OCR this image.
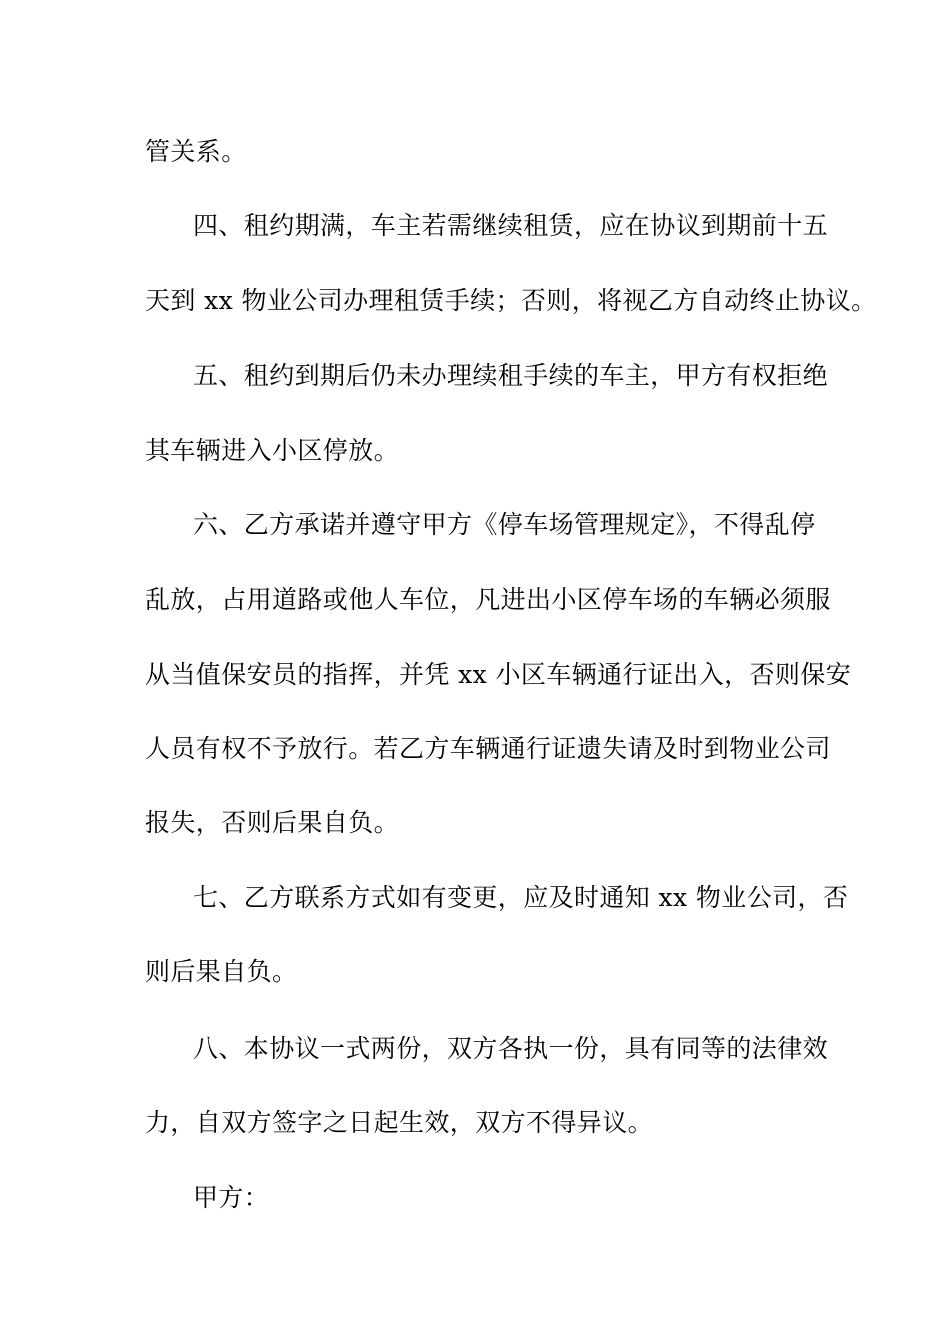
管关系。
四、租约期满，车主若需继续租赁，应在协议到期前十五
天到 xx 物业公司办理租赁手续；否则，将视乙方自动终止协议。
五、租约到期后仍未办理续租手续的车主，甲方有权拒绝
其车辆进入小区停放。
六、乙方承诺并遵守甲方《停车场管理规定》，不得乱停
乱放，占用道路或他人车位，凡进出小区停车场的车辆必须服
从当值保安员的指挥，并凭 xx 小区车辆通行证出入，否则保安
人员有权不予放行。若乙方车辆通行证遗失请及时到物业公司
报失，否则后果自负。
七、乙方联系方式如有变更，应及时通知 xx 物业公司，否
则后果自负。
八、本协议一式两份，双方各执一份，具有同等的法律效
力，自双方签字之日起生效，双方不得异议。
甲方：
